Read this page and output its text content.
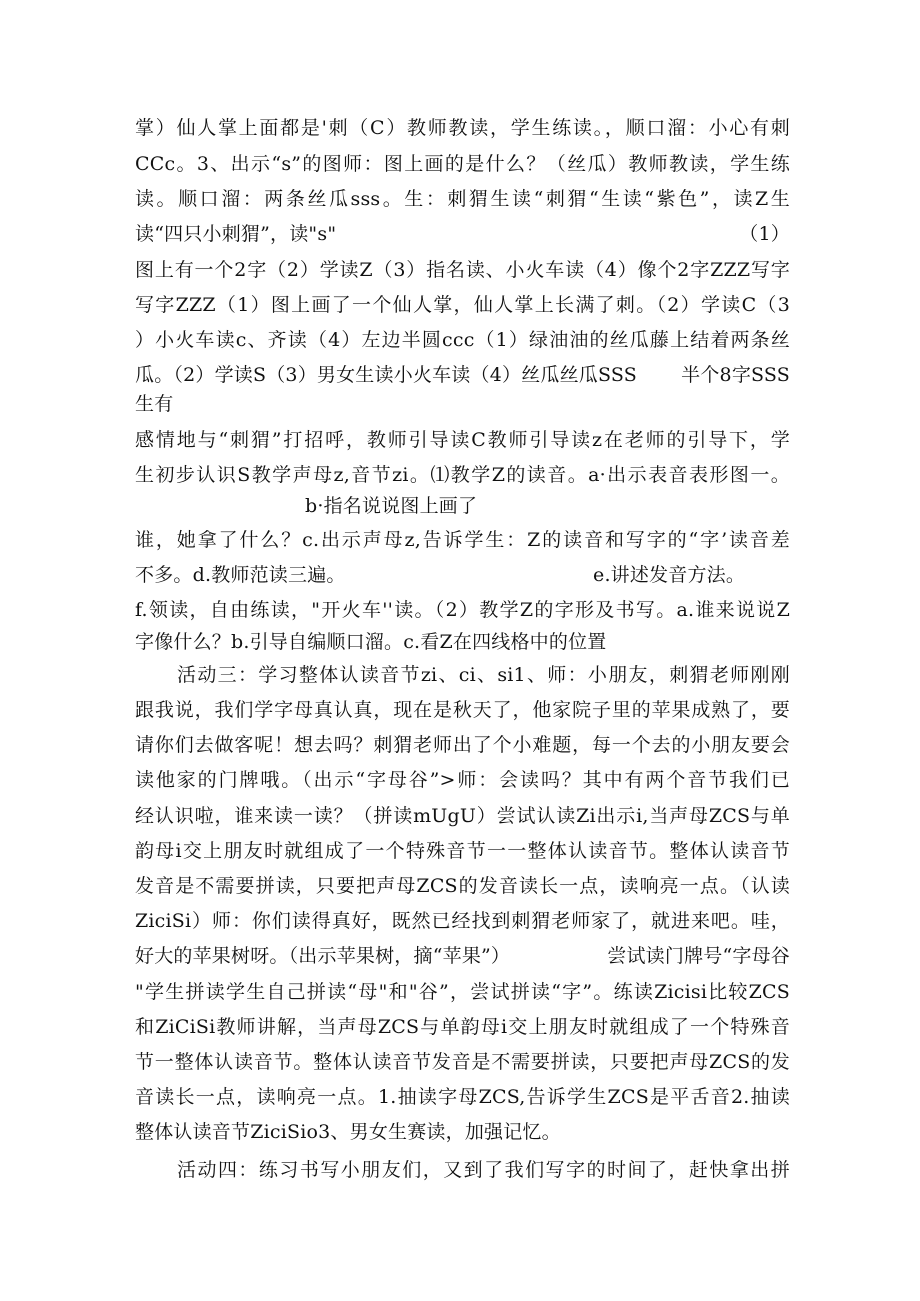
掌）仙人掌上面都是'刺（C）教师教读，学生练读。，顺口溜：小心有刺
CCc。3、出示“s”的图师：图上画的是什么？（丝瓜）教师教读，学生练
读。顺口溜：两条丝瓜sss。生：刺猬生读“刺猬“生读“紫色”，读Z生
读“四只小刺猬”，读"s"	（1）
图上有一个2字（2）学读Z（3）指名读、小火车读（4）像个2字ZZZ写字
写字ZZZ（1）图上画了一个仙人掌，仙人掌上长满了刺。（2）学读C（3
）小火车读c、齐读（4）左边半圆ccc（1）绿油油的丝瓜藤上结着两条丝
瓜。（2）学读S（3）男女生读小火车读（4）丝瓜丝瓜SSS 半个8字SSS
生有
感情地与“刺猬”打招呼，教师引导读C教师引导读z在老师的引导下，学
生初步认识S教学声母z,音节zi。⑴教学Z的读音。a·出示表音表形图一。
b·指名说说图上画了
谁，她拿了什么？c.出示声母z,告诉学生：Z的读音和写字的“字’读音差
不多。d.教师范读三遍。	e.讲述发音方法。
f.领读，自由练读，"开火车''读。（2）教学Z的字形及书写。a.谁来说说Z
字像什么？b.引导自编顺口溜。c.看Z在四线格中的位置
活动三：学习整体认读音节zi、ci、si1、师：小朋友，刺猬老师刚刚
跟我说，我们学字母真认真，现在是秋天了，他家院子里的苹果成熟了，要
请你们去做客呢！想去吗？刺猬老师出了个小难题，每一个去的小朋友要会
读他家的门牌哦。（出示“字母谷”>师：会读吗？其中有两个音节我们已
经认识啦，谁来读一读？（拼读mUgU）尝试认读Zi出示i,当声母ZCS与单
韵母i交上朋友时就组成了一个特殊音节一一整体认读音节。整体认读音节
发音是不需要拼读，只要把声母ZCS的发音读长一点，读响亮一点。（认读
ZiciSi）师：你们读得真好，既然已经找到刺猬老师家了，就进来吧。哇，
好大的苹果树呀。（出示苹果树，摘“苹果”）	尝试读门牌号“字母谷
"学生拼读学生自己拼读“母"和"谷”，尝试拼读“字”。练读Zicisi比较ZCS
和ZiCiSi教师讲解，当声母ZCS与单韵母i交上朋友时就组成了一个特殊音
节一整体认读音节。整体认读音节发音是不需要拼读，只要把声母ZCS的发
音读长一点，读响亮一点。1.抽读字母ZCS,告诉学生ZCS是平舌音2.抽读
整体认读音节ZiciSio3、男女生赛读，加强记忆。
活动四：练习书写小朋友们，又到了我们写字的时间了，赶快拿出拼
